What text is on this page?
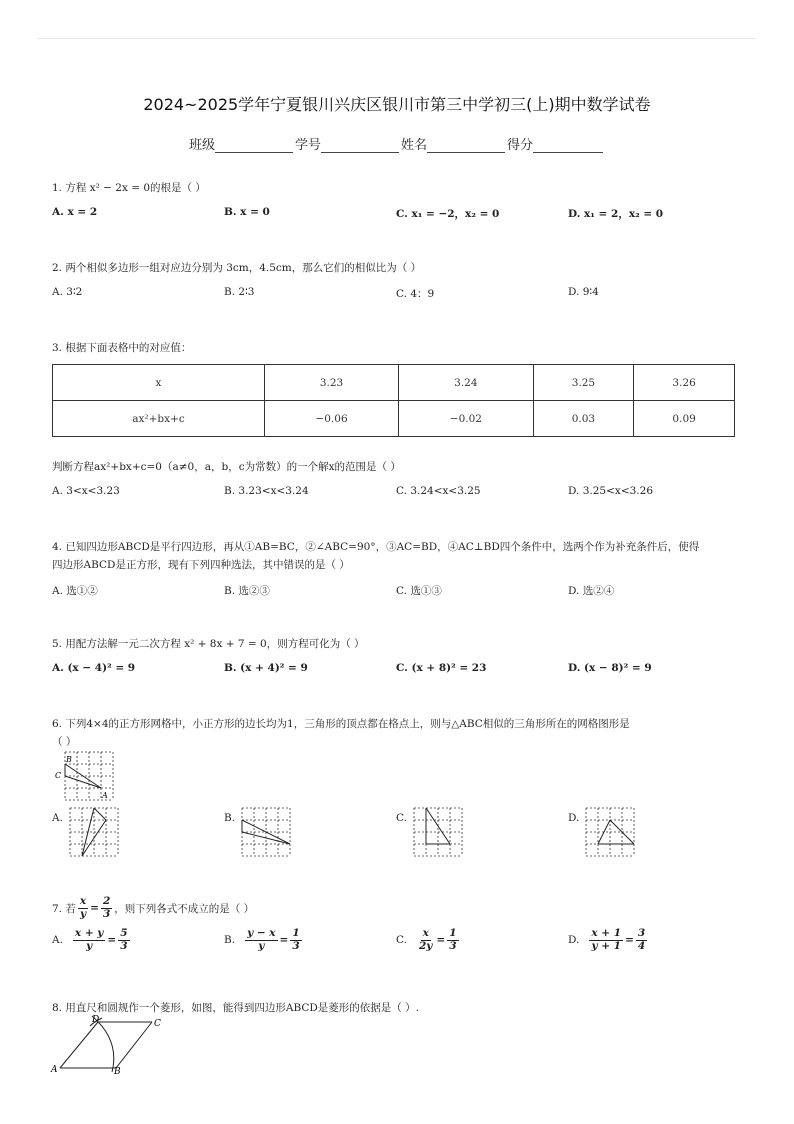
2024~2025学年宁夏银川兴庆区银川市第三中学初三(上)期中数学试卷
班级	学号	姓名	得分
1. 方程 x² − 2x = 0的根是（ ）
A. x = 2	B. x = 0	C. x₁ = −2，x₂ = 0	D. x₁ = 2，x₂ = 0
2. 两个相似多边形一组对应边分别为 3cm，4.5cm，那么它们的相似比为（ ）
A. 3∶2	B. 2∶3	C. 4：9	D. 9∶4
3. 根据下面表格中的对应值：
x	3.23	3.24	3.25	3.26
ax²+bx+c	−0.06	−0.02	0.03	0.09
判断方程ax²+bx+c=0（a≠0，a，b，c为常数）的一个解x的范围是（ ）
A. 3<x<3.23	B. 3.23<x<3.24	C. 3.24<x<3.25	D. 3.25<x<3.26
4. 已知四边形ABCD是平行四边形，再从①AB=BC，②∠ABC=90°，③AC=BD，④AC⊥BD四个条件中，选两个作为补充条件后，使得
四边形ABCD是正方形，现有下列四种选法，其中错误的是（ ）
A. 选①②	B. 选②③	C. 选①③	D. 选②④
5. 用配方法解一元二次方程 x² + 8x + 7 = 0，则方程可化为（ ）
A. (x − 4)² = 9	B. (x + 4)² = 9	C. (x + 8)² = 23	D. (x − 8)² = 9
6. 下列4×4的正方形网格中，小正方形的边长均为1，三角形的顶点都在格点上，则与△ABC相似的三角形所在的网格图形是
（ ）
B
C
A
A.	B.	C.	D.
7. 若 $\frac{x}{y} = \frac{2}{3}$ ，则下列各式不成立的是（ ）
A. $\frac{x + y}{y} = \frac{5}{3}$	B. $\frac{y - x}{y} = \frac{1}{3}$	C. $\frac{x}{2y} = \frac{1}{3}$	D. $\frac{x + 1}{y + 1} = \frac{3}{4}$
8. 用直尺和圆规作一个菱形，如图，能得到四边形ABCD是菱形的依据是（ ）.
D	C
A	B
